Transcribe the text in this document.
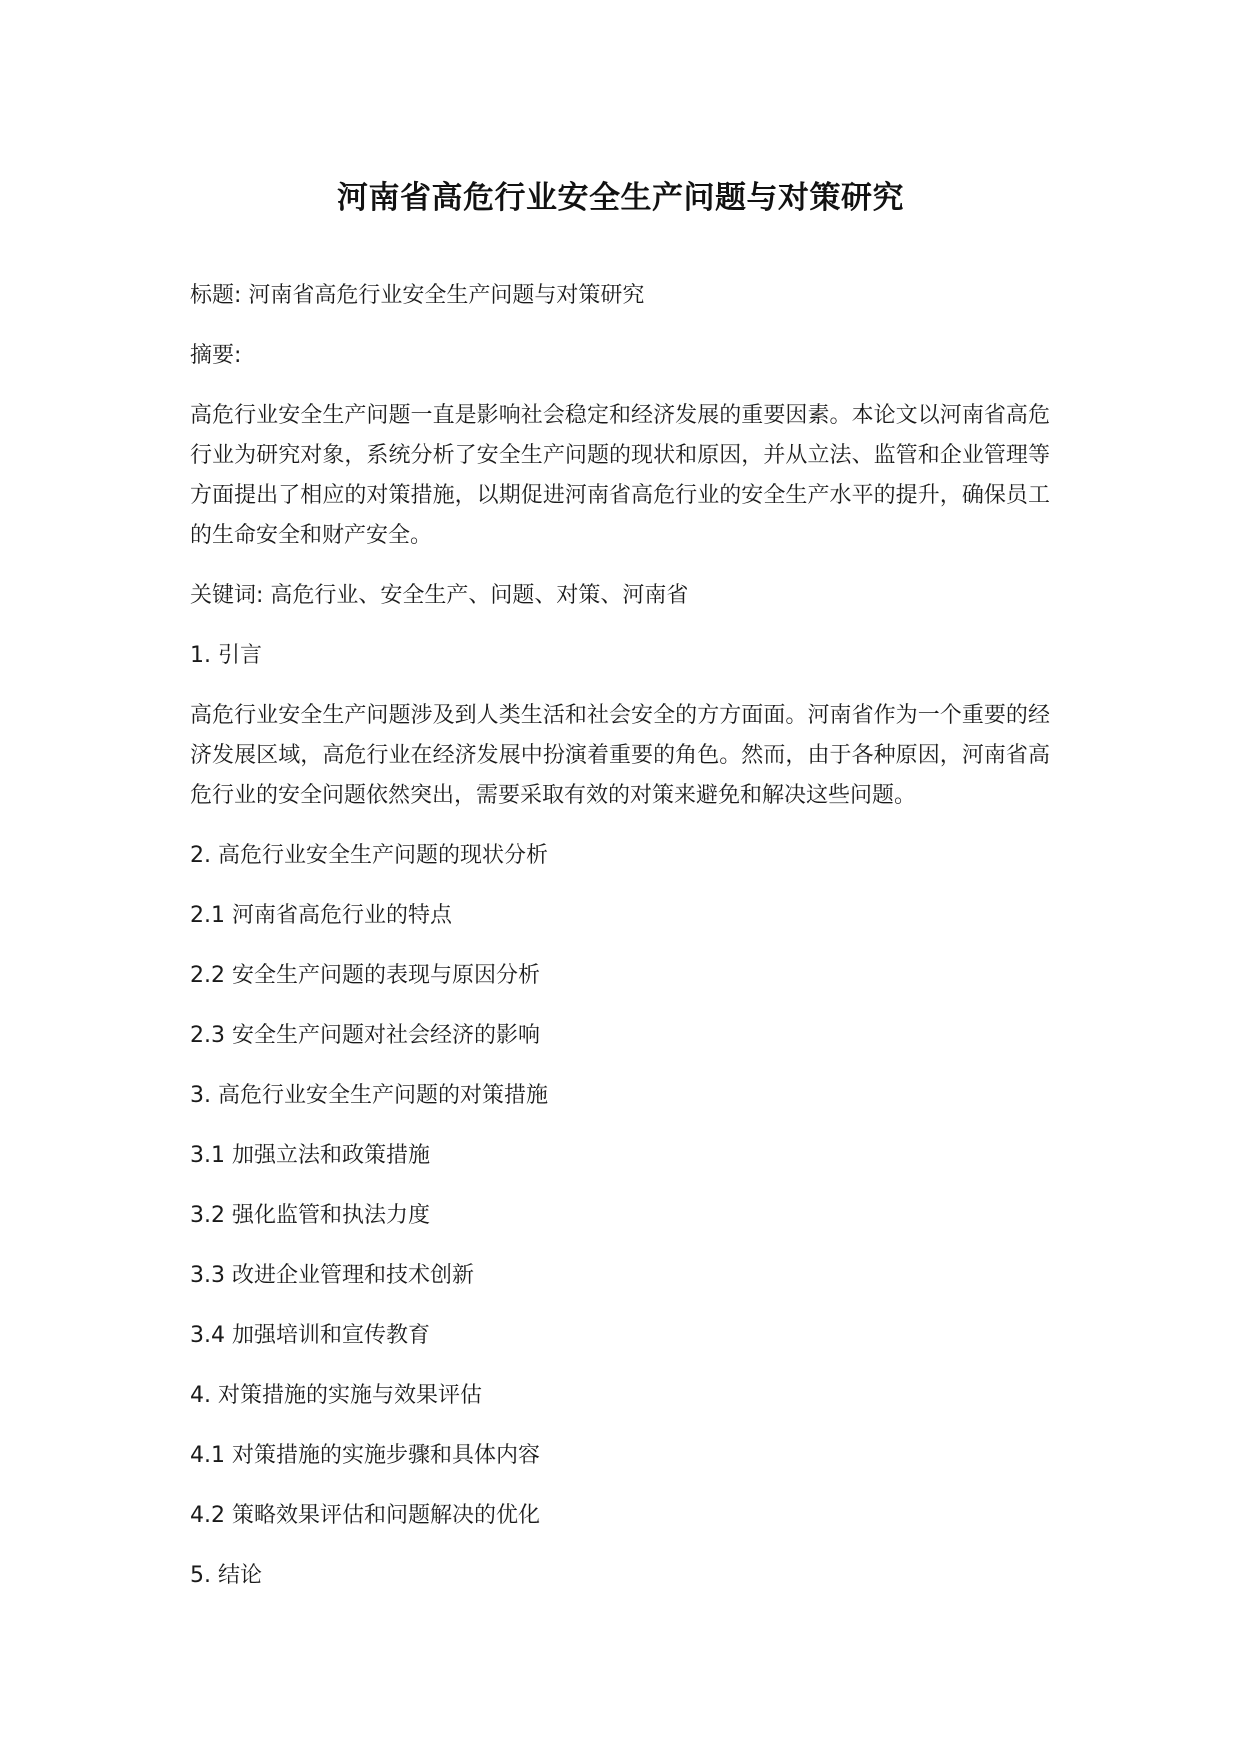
河南省高危行业安全生产问题与对策研究

标题: 河南省高危行业安全生产问题与对策研究

摘要:

高危行业安全生产问题一直是影响社会稳定和经济发展的重要因素。本论文以河南省高危行业为研究对象，系统分析了安全生产问题的现状和原因，并从立法、监管和企业管理等方面提出了相应的对策措施，以期促进河南省高危行业的安全生产水平的提升，确保员工的生命安全和财产安全。

关键词: 高危行业、安全生产、问题、对策、河南省

1. 引言

高危行业安全生产问题涉及到人类生活和社会安全的方方面面。河南省作为一个重要的经济发展区域，高危行业在经济发展中扮演着重要的角色。然而，由于各种原因，河南省高危行业的安全问题依然突出，需要采取有效的对策来避免和解决这些问题。

2. 高危行业安全生产问题的现状分析

2.1 河南省高危行业的特点

2.2 安全生产问题的表现与原因分析

2.3 安全生产问题对社会经济的影响

3. 高危行业安全生产问题的对策措施

3.1 加强立法和政策措施

3.2 强化监管和执法力度

3.3 改进企业管理和技术创新

3.4 加强培训和宣传教育

4. 对策措施的实施与效果评估

4.1 对策措施的实施步骤和具体内容

4.2 策略效果评估和问题解决的优化

5. 结论
